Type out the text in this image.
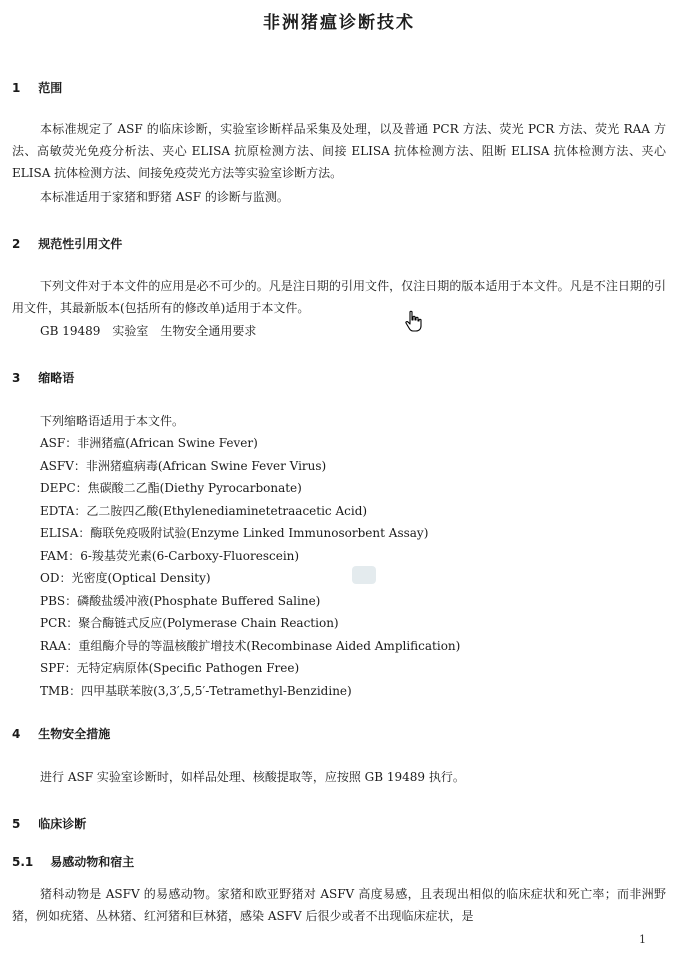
非洲猪瘟诊断技术
1 范围
本标准规定了 ASF 的临床诊断，实验室诊断样品采集及处理，以及普通 PCR 方法、荧光 PCR 方法、荧光 RAA 方法、高敏荧光免疫分析法、夹心 ELISA 抗原检测方法、间接 ELISA 抗体检测方法、阻断 ELISA 抗体检测方法、夹心 ELISA 抗体检测方法、间接免疫荧光方法等实验室诊断方法。
本标准适用于家猪和野猪 ASF 的诊断与监测。
2 规范性引用文件
下列文件对于本文件的应用是必不可少的。凡是注日期的引用文件，仅注日期的版本适用于本文件。凡是不注日期的引用文件，其最新版本(包括所有的修改单)适用于本文件。
GB 19489　实验室　生物安全通用要求
3 缩略语
下列缩略语适用于本文件。
ASF：非洲猪瘟(African Swine Fever)
ASFV：非洲猪瘟病毒(African Swine Fever Virus)
DEPC：焦碳酸二乙酯(Diethy Pyrocarbonate)
EDTA：乙二胺四乙酸(Ethylenediaminetetraacetic Acid)
ELISA：酶联免疫吸附试验(Enzyme Linked Immunosorbent Assay)
FAM：6-羧基荧光素(6-Carboxy-Fluorescein)
OD：光密度(Optical Density)
PBS：磷酸盐缓冲液(Phosphate Buffered Saline)
PCR：聚合酶链式反应(Polymerase Chain Reaction)
RAA：重组酶介导的等温核酸扩增技术(Recombinase Aided Amplification)
SPF：无特定病原体(Specific Pathogen Free)
TMB：四甲基联苯胺(3,3′,5,5′-Tetramethyl-Benzidine)
4 生物安全措施
进行 ASF 实验室诊断时，如样品处理、核酸提取等，应按照 GB 19489 执行。
5 临床诊断
5.1 易感动物和宿主
猪科动物是 ASFV 的易感动物。家猪和欧亚野猪对 ASFV 高度易感，且表现出相似的临床症状和死亡率；而非洲野猪，例如疣猪、丛林猪、红河猪和巨林猪，感染 ASFV 后很少或者不出现临床症状，是
1
